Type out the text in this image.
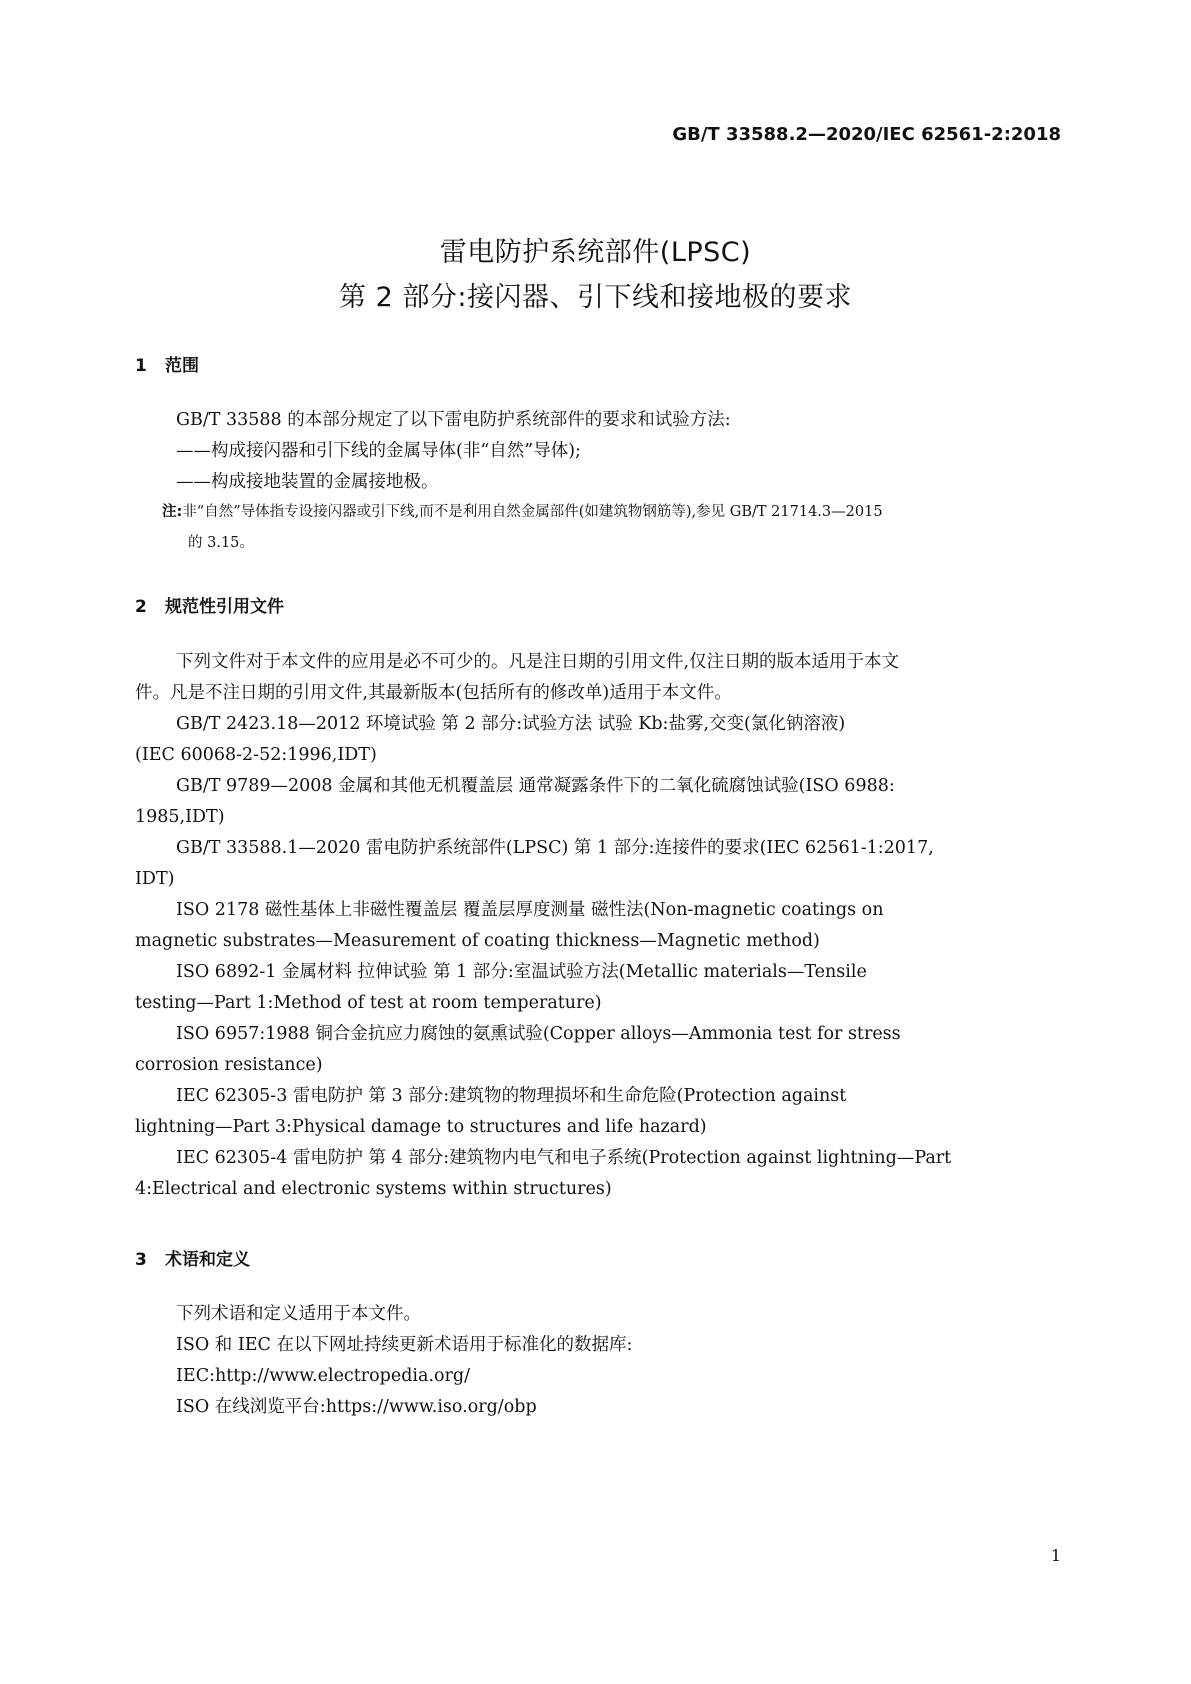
GB/T 33588.2—2020/IEC 62561-2:2018
雷电防护系统部件(LPSC)
第 2 部分:接闪器、引下线和接地极的要求
1 范围
GB/T 33588 的本部分规定了以下雷电防护系统部件的要求和试验方法:
——构成接闪器和引下线的金属导体(非“自然”导体);
——构成接地装置的金属接地极。
注:非“自然”导体指专设接闪器或引下线,而不是利用自然金属部件(如建筑物钢筋等),参见 GB/T 21714.3—2015
的 3.15。
2 规范性引用文件
下列文件对于本文件的应用是必不可少的。凡是注日期的引用文件,仅注日期的版本适用于本文
件。凡是不注日期的引用文件,其最新版本(包括所有的修改单)适用于本文件。
GB/T 2423.18—2012 环境试验 第 2 部分:试验方法 试验 Kb:盐雾,交变(氯化钠溶液)
(IEC 60068-2-52:1996,IDT)
GB/T 9789—2008 金属和其他无机覆盖层 通常凝露条件下的二氧化硫腐蚀试验(ISO 6988:
1985,IDT)
GB/T 33588.1—2020 雷电防护系统部件(LPSC) 第 1 部分:连接件的要求(IEC 62561-1:2017,
IDT)
ISO 2178 磁性基体上非磁性覆盖层 覆盖层厚度测量 磁性法(Non-magnetic coatings on
magnetic substrates—Measurement of coating thickness—Magnetic method)
ISO 6892-1 金属材料 拉伸试验 第 1 部分:室温试验方法(Metallic materials—Tensile
testing—Part 1:Method of test at room temperature)
ISO 6957:1988 铜合金抗应力腐蚀的氨熏试验(Copper alloys—Ammonia test for stress
corrosion resistance)
IEC 62305-3 雷电防护 第 3 部分:建筑物的物理损坏和生命危险(Protection against
lightning—Part 3:Physical damage to structures and life hazard)
IEC 62305-4 雷电防护 第 4 部分:建筑物内电气和电子系统(Protection against lightning—Part
4:Electrical and electronic systems within structures)
3 术语和定义
下列术语和定义适用于本文件。
ISO 和 IEC 在以下网址持续更新术语用于标准化的数据库:
IEC:http://www.electropedia.org/
ISO 在线浏览平台:https://www.iso.org/obp
1
